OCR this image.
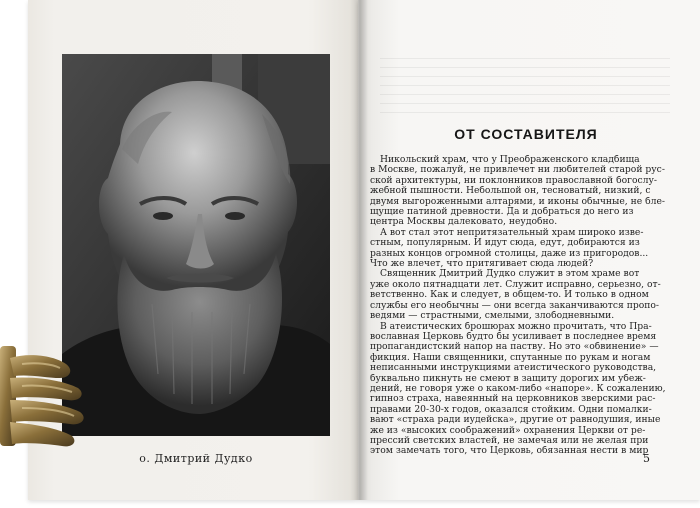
о. Дмитрий Дудко
ОТ СОСТАВИТЕЛЯ
Никольский храм, что у Преображенского кладбища
в Москве, пожалуй, не привлечет ни любителей старой рус-
ской архитектуры, ни поклонников православной богослу-
жебной пышности. Небольшой он, тесноватый, низкий, с
двумя выгороженными алтарями, и иконы обычные, не бле-
щущие патиной древности. Да и добраться до него из
центра Москвы далековато, неудобно.
А вот стал этот непритязательный храм широко изве-
стным, популярным. И идут сюда, едут, добираются из
разных концов огромной столицы, даже из пригородов...
Что же влечет, что притягивает сюда людей?
Священник Дмитрий Дудко служит в этом храме вот
уже около пятнадцати лет. Служит исправно, серьезно, от-
ветственно. Как и следует, в общем-то. И только в одном
службы его необычны — они всегда заканчиваются пропо-
ведями — страстными, смелыми, злободневными.
В атеистических брошюрах можно прочитать, что Пра-
вославная Церковь будто бы усиливает в последнее время
пропагандистский напор на паству. Но это «обвинение» —
фикция. Наши священники, спутанные по рукам и ногам
неписанными инструкциями атеистического руководства,
буквально пикнуть не смеют в защиту дорогих им убеж-
дений, не говоря уже о каком-либо «напоре». К сожалению,
гипноз страха, навеянный на церковников зверскими рас-
правами 20-30-х годов, оказался стойким. Одни помалки-
вают «страха ради иудейска», другие от равнодушия, иные
же из «высоких соображений» охранения Церкви от ре-
прессий светских властей, не замечая или не желая при
этом замечать того, что Церковь, обязанная нести в мир
5
